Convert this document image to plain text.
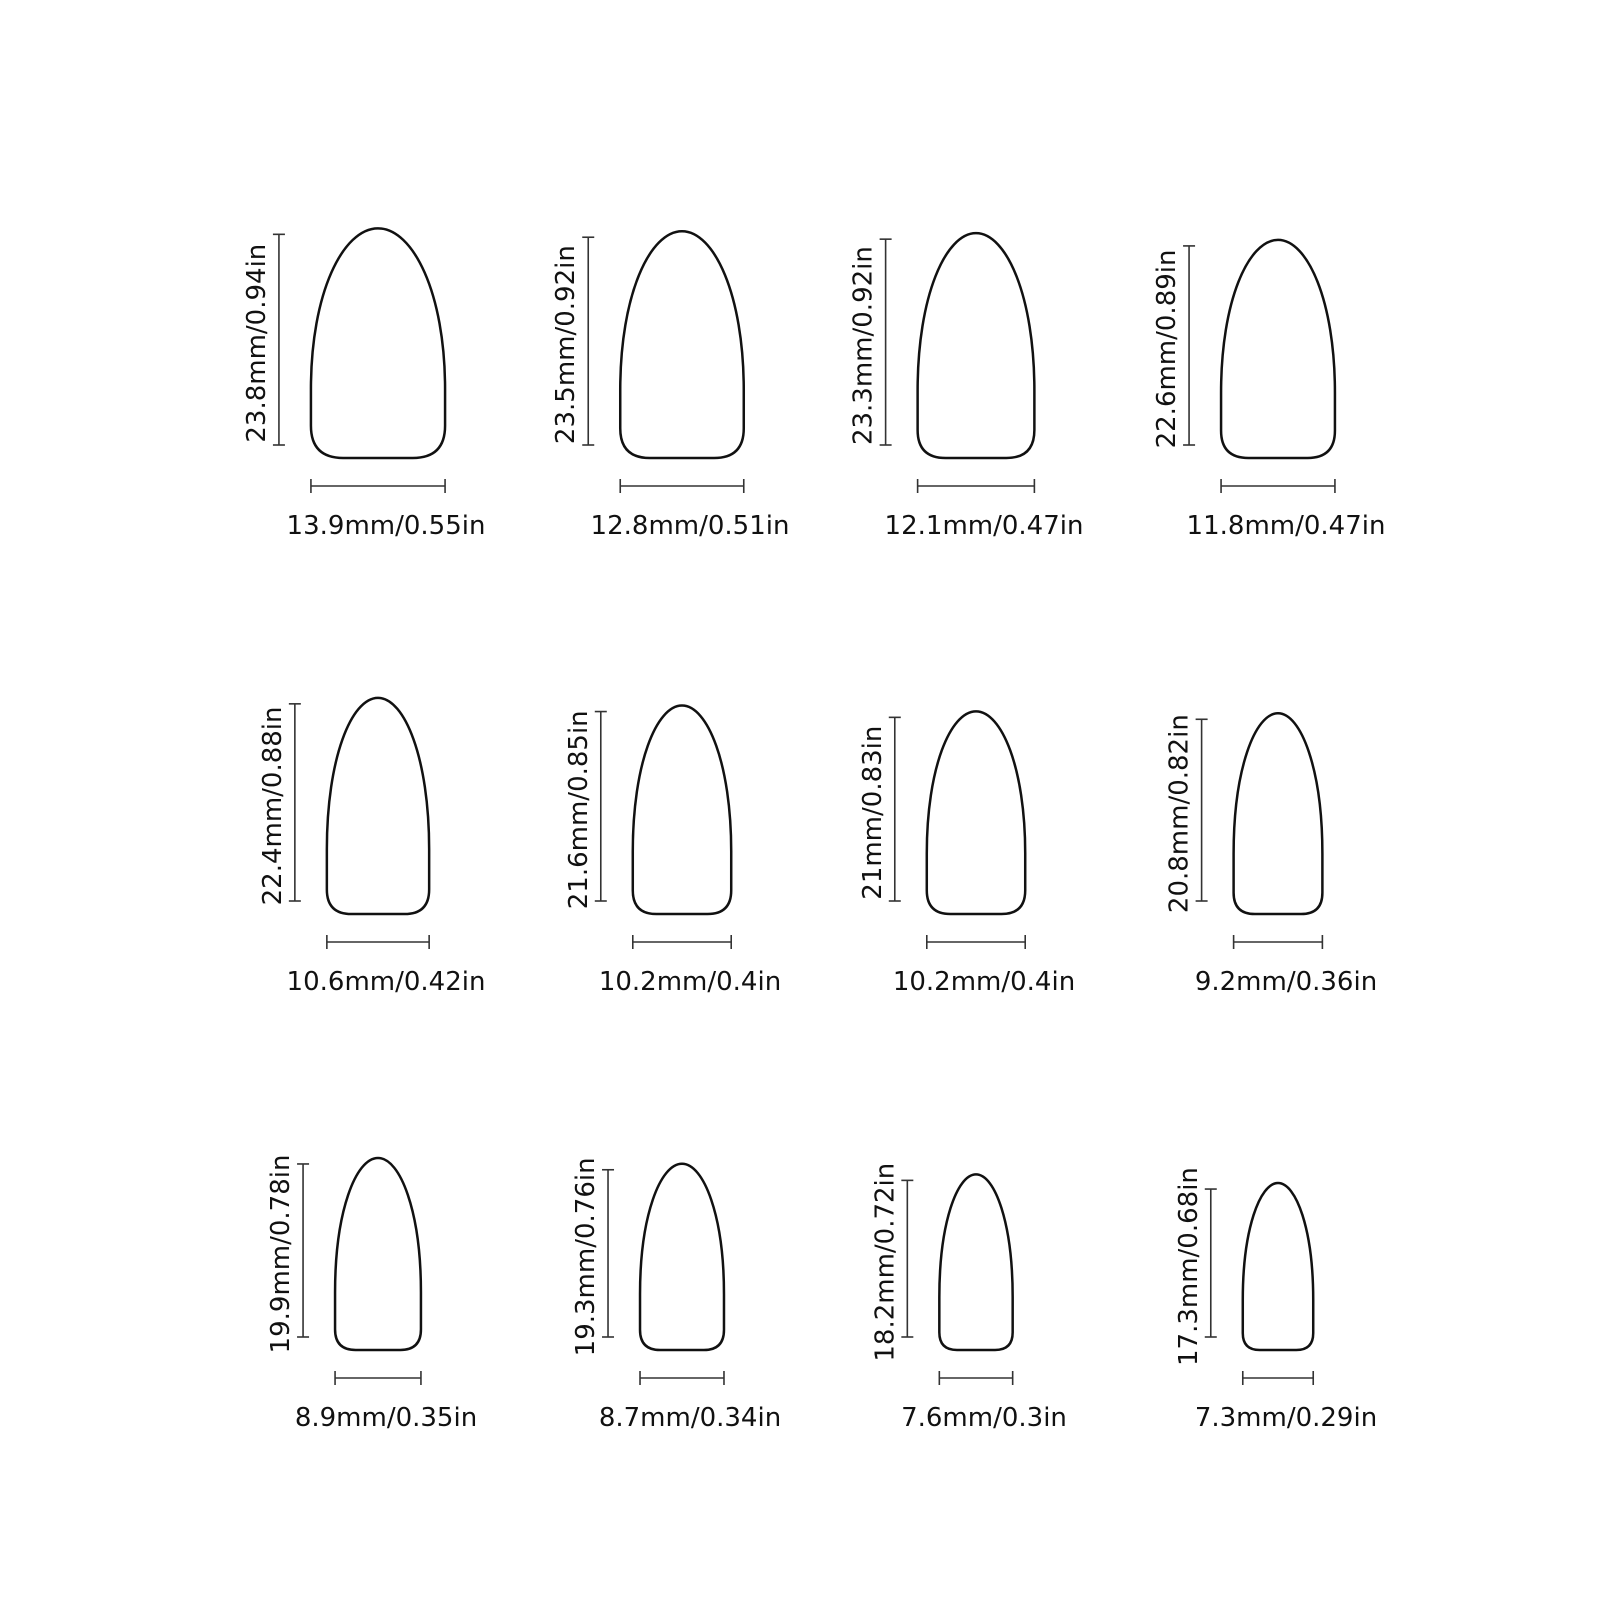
23.8mm/0.94in
13.9mm/0.55in
23.5mm/0.92in
12.8mm/0.51in
23.3mm/0.92in
12.1mm/0.47in
22.6mm/0.89in
11.8mm/0.47in
22.4mm/0.88in
10.6mm/0.42in
21.6mm/0.85in
10.2mm/0.4in
21mm/0.83in
10.2mm/0.4in
20.8mm/0.82in
9.2mm/0.36in
19.9mm/0.78in
8.9mm/0.35in
19.3mm/0.76in
8.7mm/0.34in
18.2mm/0.72in
7.6mm/0.3in
17.3mm/0.68in
7.3mm/0.29in
